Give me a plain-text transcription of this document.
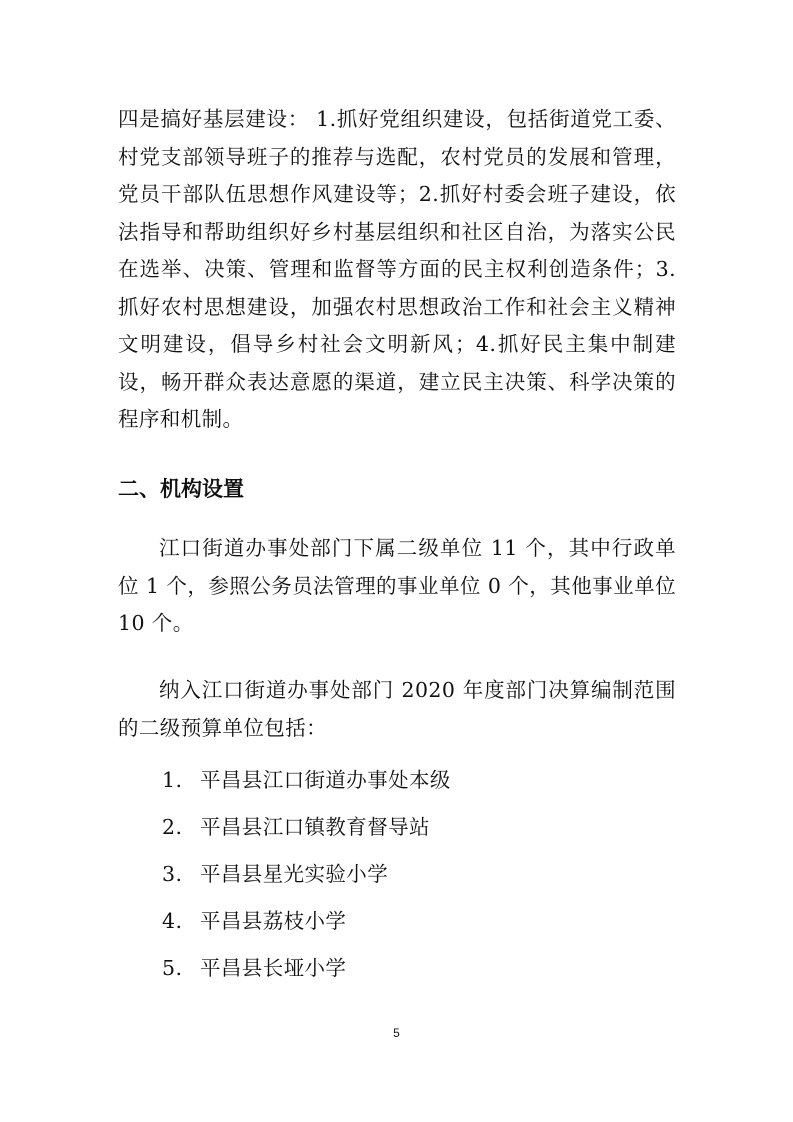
四是搞好基层建设： 1.抓好党组织建设，包括街道党工委、村党支部领导班子的推荐与选配，农村党员的发展和管理，党员干部队伍思想作风建设等；2.抓好村委会班子建设，依法指导和帮助组织好乡村基层组织和社区自治，为落实公民在选举、决策、管理和监督等方面的民主权利创造条件；3.抓好农村思想建设，加强农村思想政治工作和社会主义精神文明建设，倡导乡村社会文明新风；4.抓好民主集中制建设，畅开群众表达意愿的渠道，建立民主决策、科学决策的程序和机制。

二、机构设置

江口街道办事处部门下属二级单位 11 个，其中行政单位 1 个，参照公务员法管理的事业单位 0 个，其他事业单位 10 个。

纳入江口街道办事处部门 2020 年度部门决算编制范围的二级预算单位包括：

1. 平昌县江口街道办事处本级
2. 平昌县江口镇教育督导站
3. 平昌县星光实验小学
4. 平昌县荔枝小学
5. 平昌县长垭小学
5
